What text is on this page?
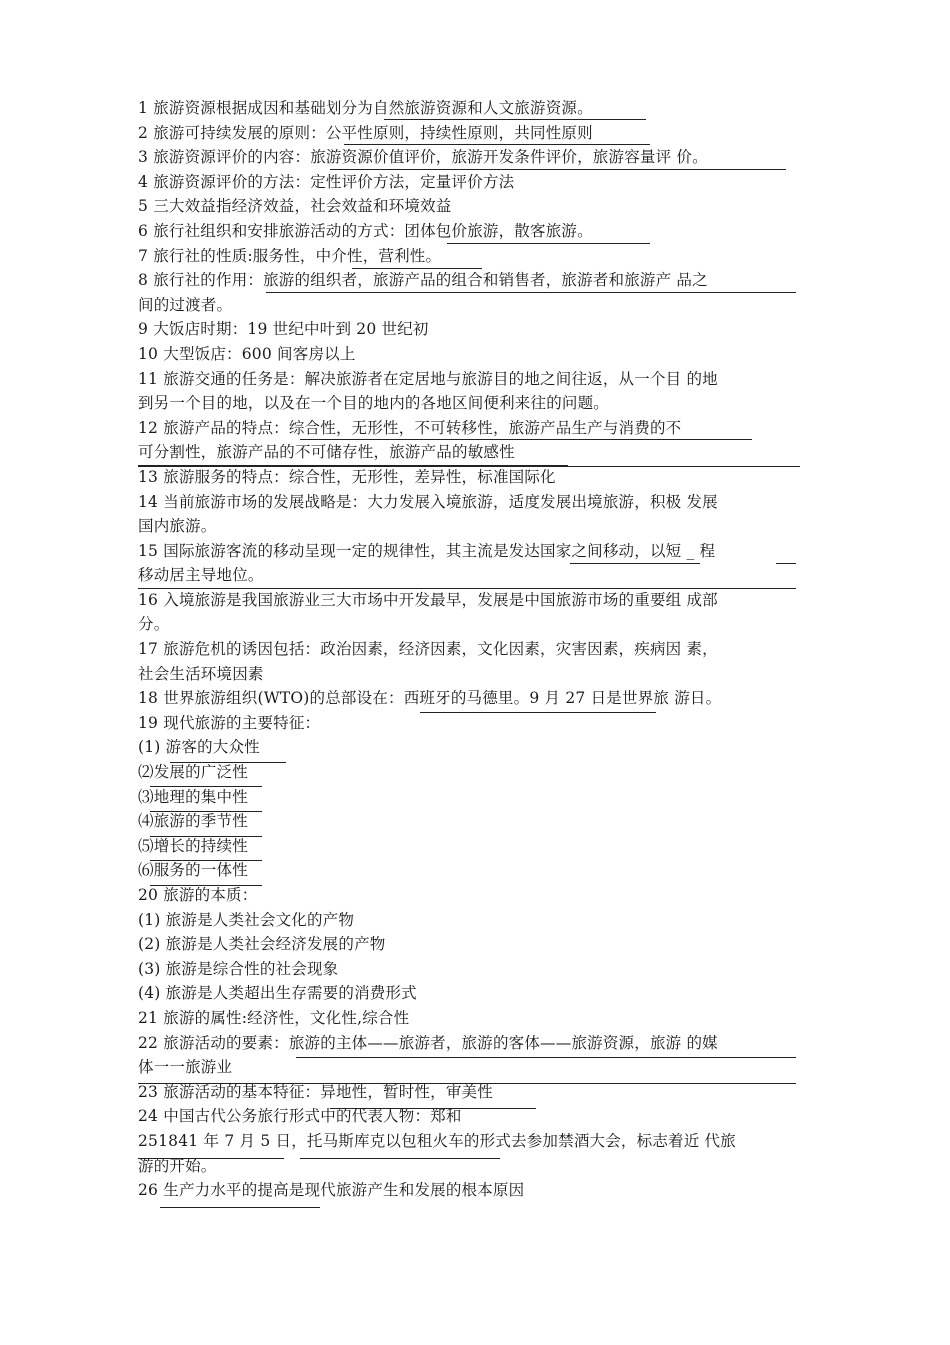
1 旅游资源根据成因和基础划分为自然旅游资源和人文旅游资源。
2 旅游可持续发展的原则：公平性原则，持续性原则，共同性原则
3 旅游资源评价的内容：旅游资源价值评价，旅游开发条件评价，旅游容量评 价。
4 旅游资源评价的方法：定性评价方法，定量评价方法
5 三大效益指经济效益，社会效益和环境效益
6 旅行社组织和安排旅游活动的方式：团体包价旅游，散客旅游。
7 旅行社的性质:服务性，中介性，营利性。
8 旅行社的作用：旅游的组织者，旅游产品的组合和销售者，旅游者和旅游产 品之
间的过渡者。
9 大饭店时期：19 世纪中叶到 20 世纪初
10 大型饭店：600 间客房以上
11 旅游交通的任务是：解决旅游者在定居地与旅游目的地之间往返，从一个目 的地
到另一个目的地，以及在一个目的地内的各地区间便利来往的问题。
12 旅游产品的特点：综合性，无形性，不可转移性，旅游产品生产与消费的不
可分割性，旅游产品的不可储存性，旅游产品的敏感性
13 旅游服务的特点：综合性，无形性，差异性，标准国际化
14 当前旅游市场的发展战略是：大力发展入境旅游，适度发展出境旅游，积极 发展
国内旅游。
15 国际旅游客流的移动呈现一定的规律性，其主流是发达国家之间移动，以短 _ 程
移动居主导地位。
16 入境旅游是我国旅游业三大市场中开发最早，发展是中国旅游市场的重要组 成部
分。
17 旅游危机的诱因包括：政治因素，经济因素，文化因素，灾害因素，疾病因 素，
社会生活环境因素
18 世界旅游组织(WTO)的总部设在：西班牙的马德里。9 月 27 日是世界旅 游日。
19 现代旅游的主要特征：
(1) 游客的大众性
⑵发展的广泛性
⑶地理的集中性
⑷旅游的季节性
⑸增长的持续性
⑹服务的一体性
20 旅游的本质：
(1) 旅游是人类社会文化的产物
(2) 旅游是人类社会经济发展的产物
(3) 旅游是综合性的社会现象
(4) 旅游是人类超出生存需要的消费形式
21 旅游的属性:经济性，文化性,综合性
22 旅游活动的要素：旅游的主体——旅游者，旅游的客体——旅游资源，旅游 的媒
体一一旅游业
23 旅游活动的基本特征：异地性，暂时性，审美性
24 中国古代公务旅行形式中的代表人物：郑和
251841 年 7 月 5 日，托马斯库克以包租火车的形式去参加禁酒大会，标志着近 代旅
游的开始。
26 生产力水平的提高是现代旅游产生和发展的根本原因
